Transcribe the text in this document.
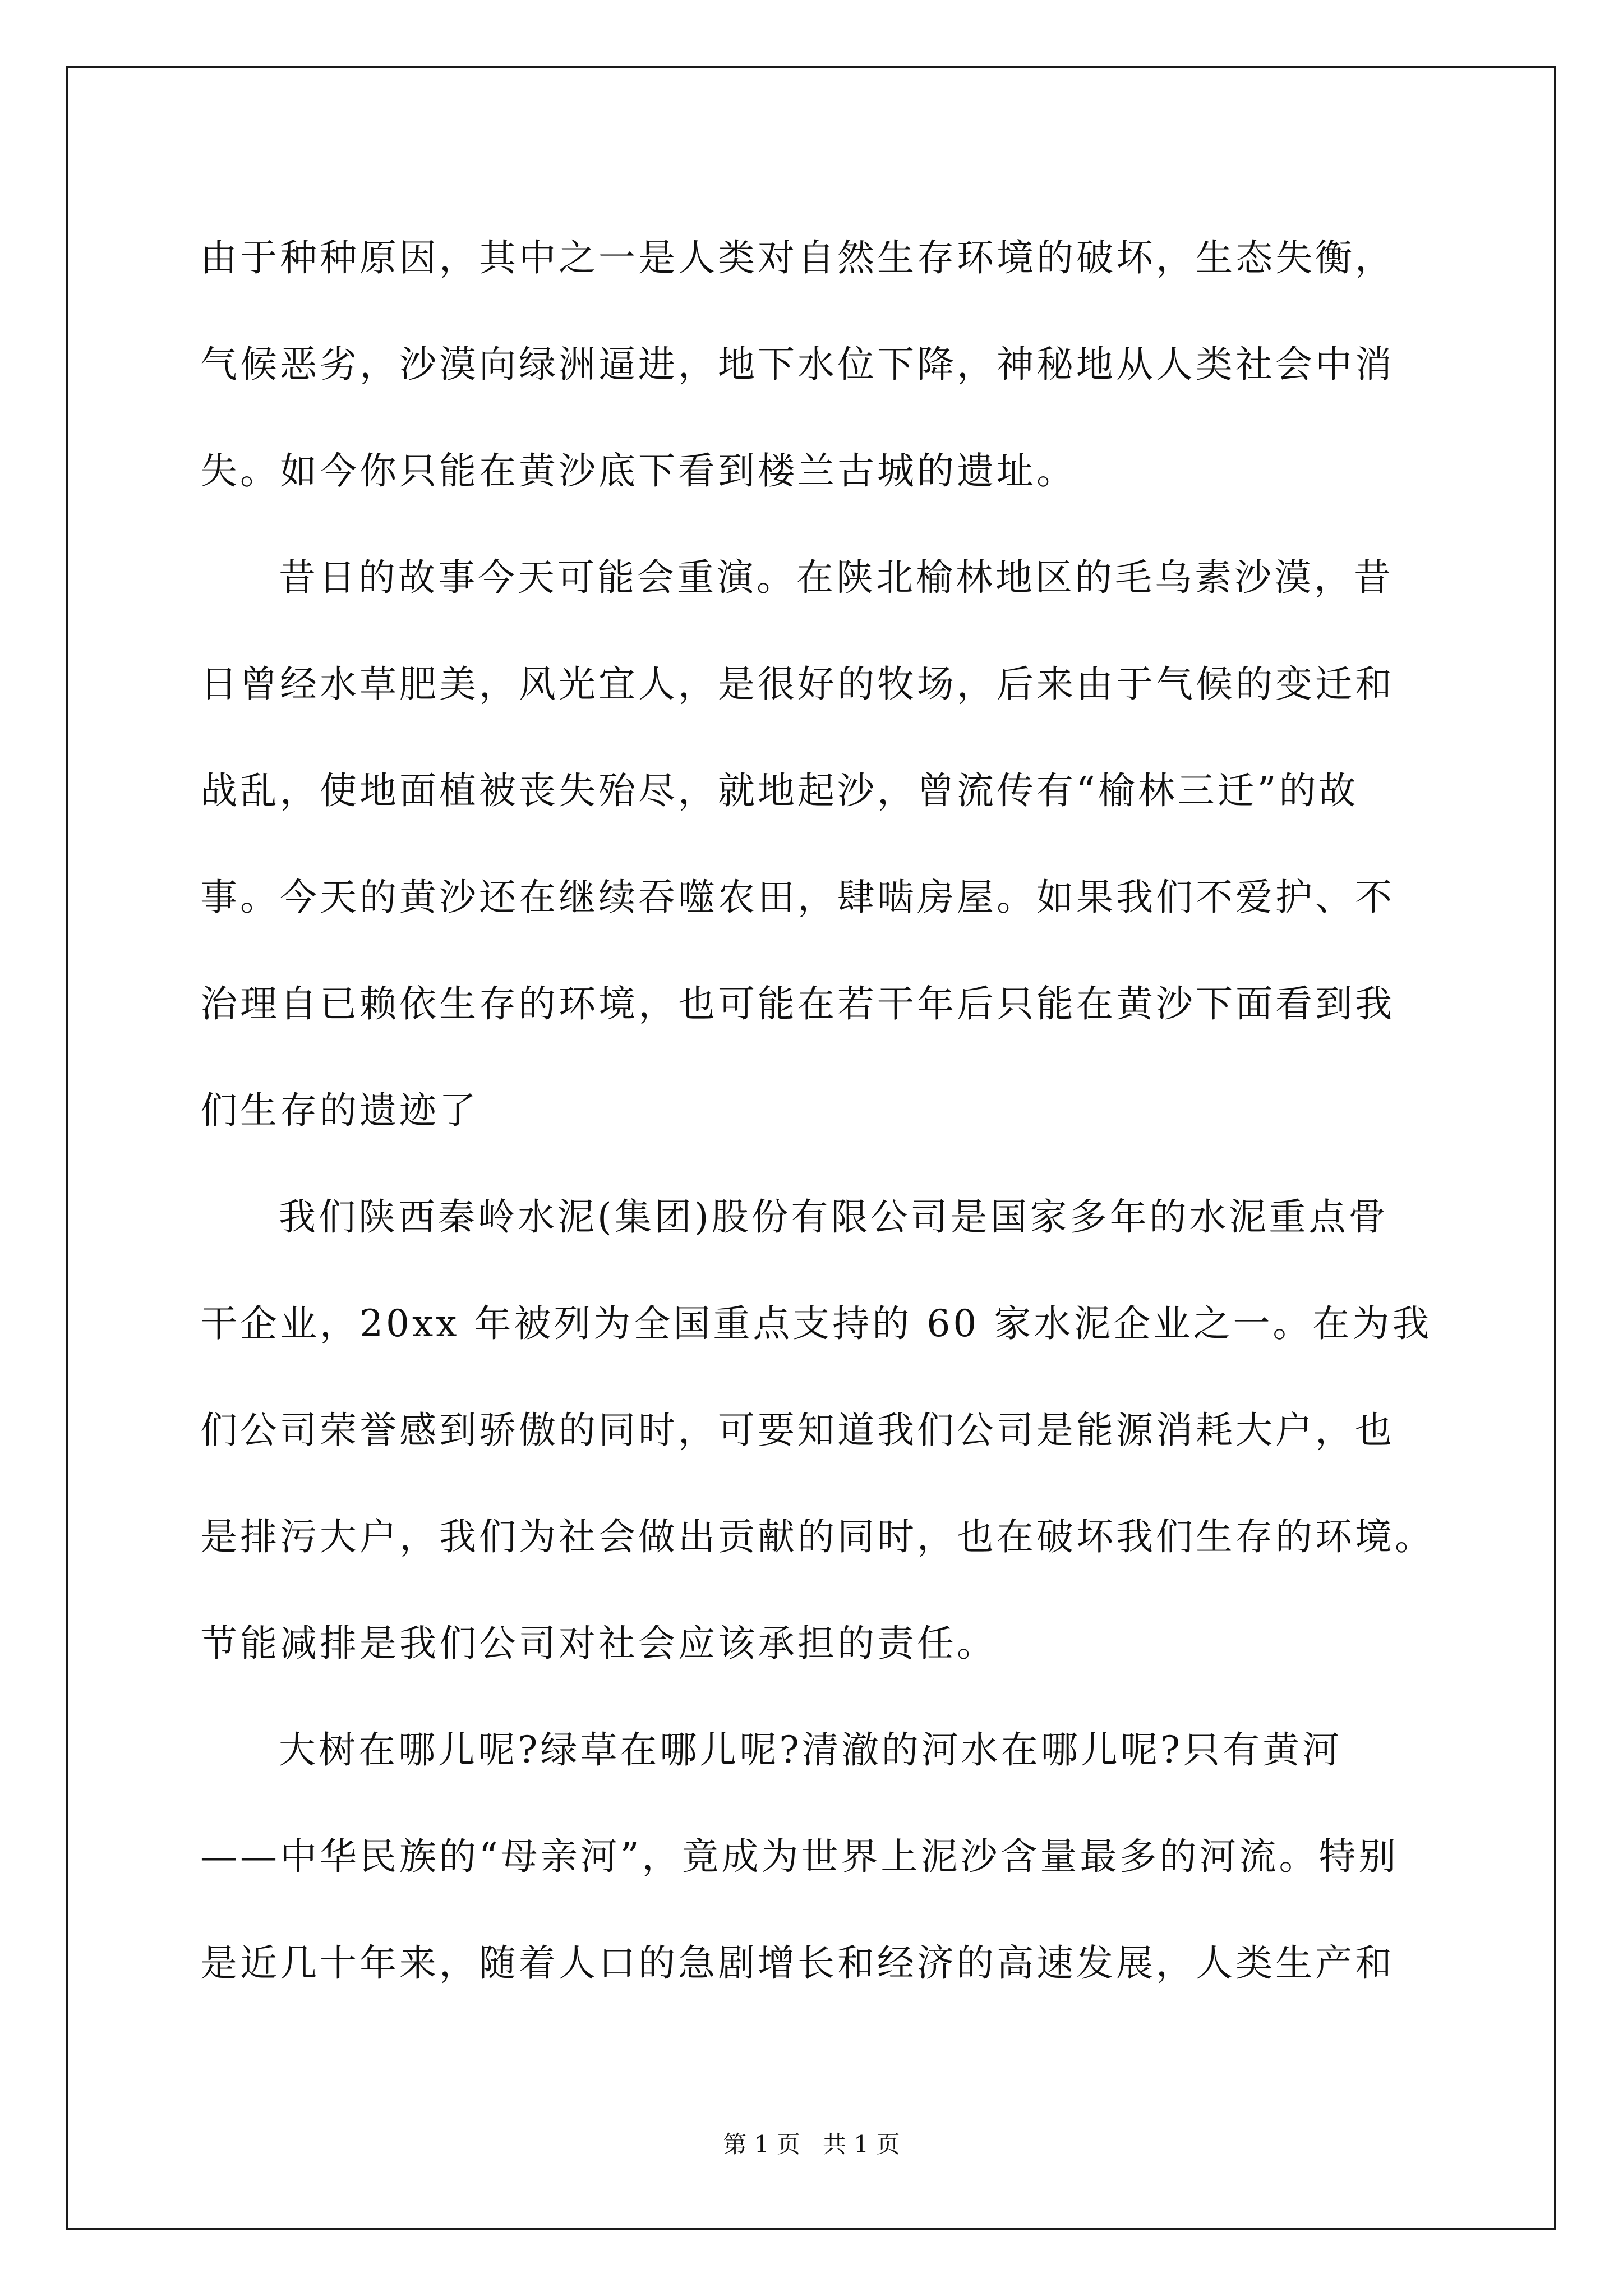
由于种种原因，其中之一是人类对自然生存环境的破坏，生态失衡，
气候恶劣，沙漠向绿洲逼进，地下水位下降，神秘地从人类社会中消
失。如今你只能在黄沙底下看到楼兰古城的遗址。
昔日的故事今天可能会重演。在陕北榆林地区的毛乌素沙漠，昔
日曾经水草肥美，风光宜人，是很好的牧场，后来由于气候的变迁和
战乱，使地面植被丧失殆尽，就地起沙，曾流传有“榆林三迁”的故
事。今天的黄沙还在继续吞噬农田，肆啮房屋。如果我们不爱护、不
治理自已赖依生存的环境，也可能在若干年后只能在黄沙下面看到我
们生存的遗迹了
我们陕西秦岭水泥(集团)股份有限公司是国家多年的水泥重点骨
干企业，20xx 年被列为全国重点支持的 60 家水泥企业之一。在为我
们公司荣誉感到骄傲的同时，可要知道我们公司是能源消耗大户，也
是排污大户，我们为社会做出贡献的同时，也在破坏我们生存的环境。
节能减排是我们公司对社会应该承担的责任。
大树在哪儿呢?绿草在哪儿呢?清澈的河水在哪儿呢?只有黄河
——中华民族的“母亲河”，竟成为世界上泥沙含量最多的河流。特别
是近几十年来，随着人口的急剧增长和经济的高速发展，人类生产和
第 1 页   共 1 页
